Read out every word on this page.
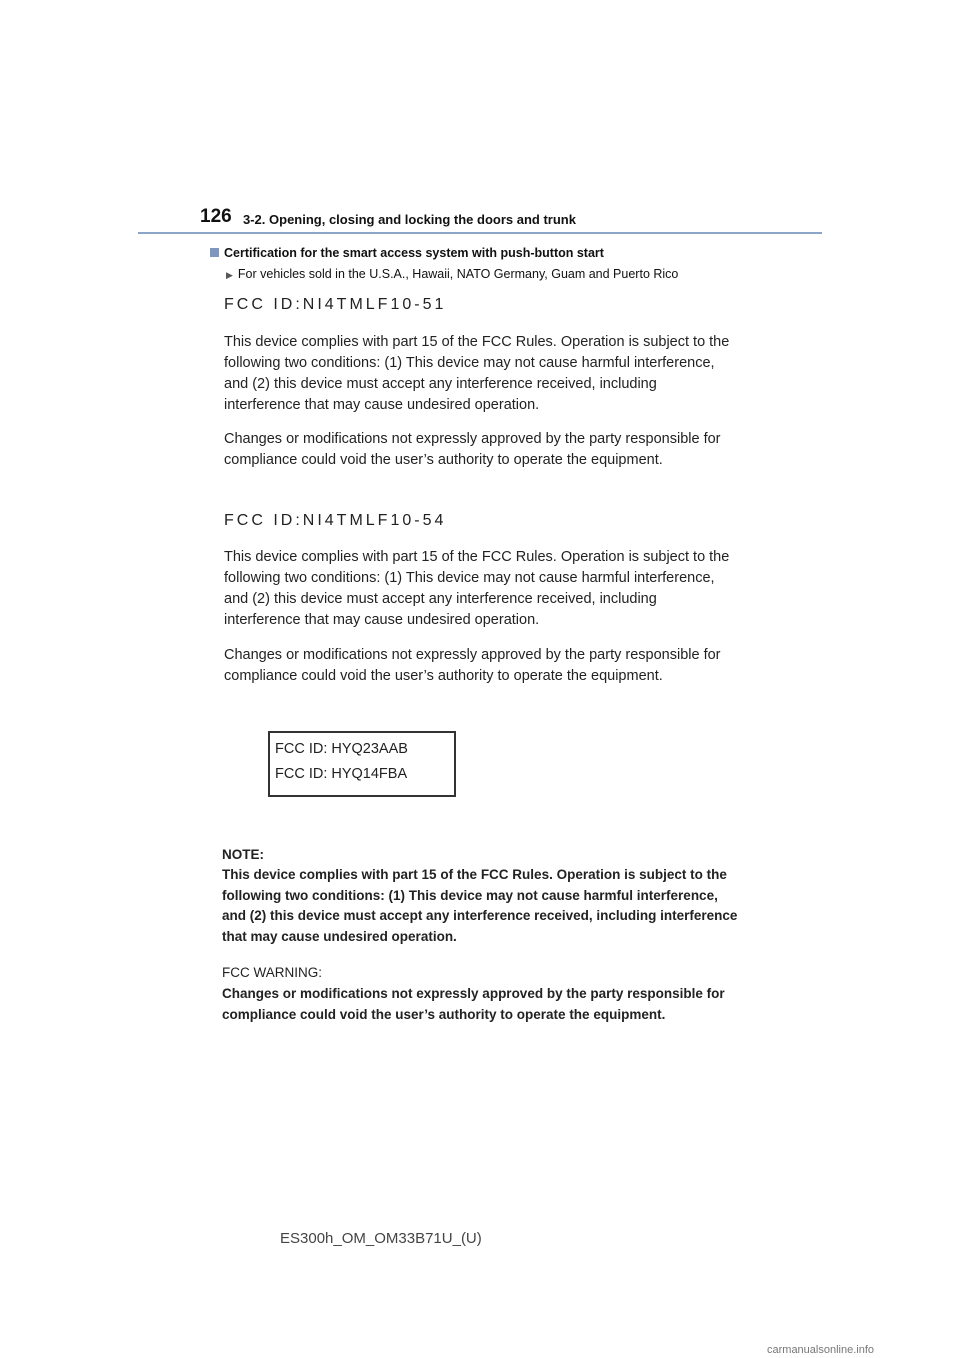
126 3-2. Opening, closing and locking the doors and trunk
Certification for the smart access system with push-button start
▶ For vehicles sold in the U.S.A., Hawaii, NATO Germany, Guam and Puerto Rico
FCC ID:NI4TMLF10-51
This device complies with part 15 of the FCC Rules. Operation is subject to the following two conditions: (1) This device may not cause harmful interference, and (2) this device must accept any interference received, including interference that may cause undesired operation.
Changes or modifications not expressly approved by the party responsible for compliance could void the user’s authority to operate the equipment.
FCC ID:NI4TMLF10-54
This device complies with part 15 of the FCC Rules. Operation is subject to the following two conditions: (1) This device may not cause harmful interference, and (2) this device must accept any interference received, including interference that may cause undesired operation.
Changes or modifications not expressly approved by the party responsible for compliance could void the user’s authority to operate the equipment.
FCC ID: HYQ23AAB
FCC ID: HYQ14FBA
NOTE:
This device complies with part 15 of the FCC Rules. Operation is subject to the following two conditions: (1) This device may not cause harmful interference, and (2) this device must accept any interference received, including interference that may cause undesired operation.
FCC WARNING:
Changes or modifications not expressly approved by the party responsible for compliance could void the user’s authority to operate the equipment.
ES300h_OM_OM33B71U_(U)
carmanualsonline.info
